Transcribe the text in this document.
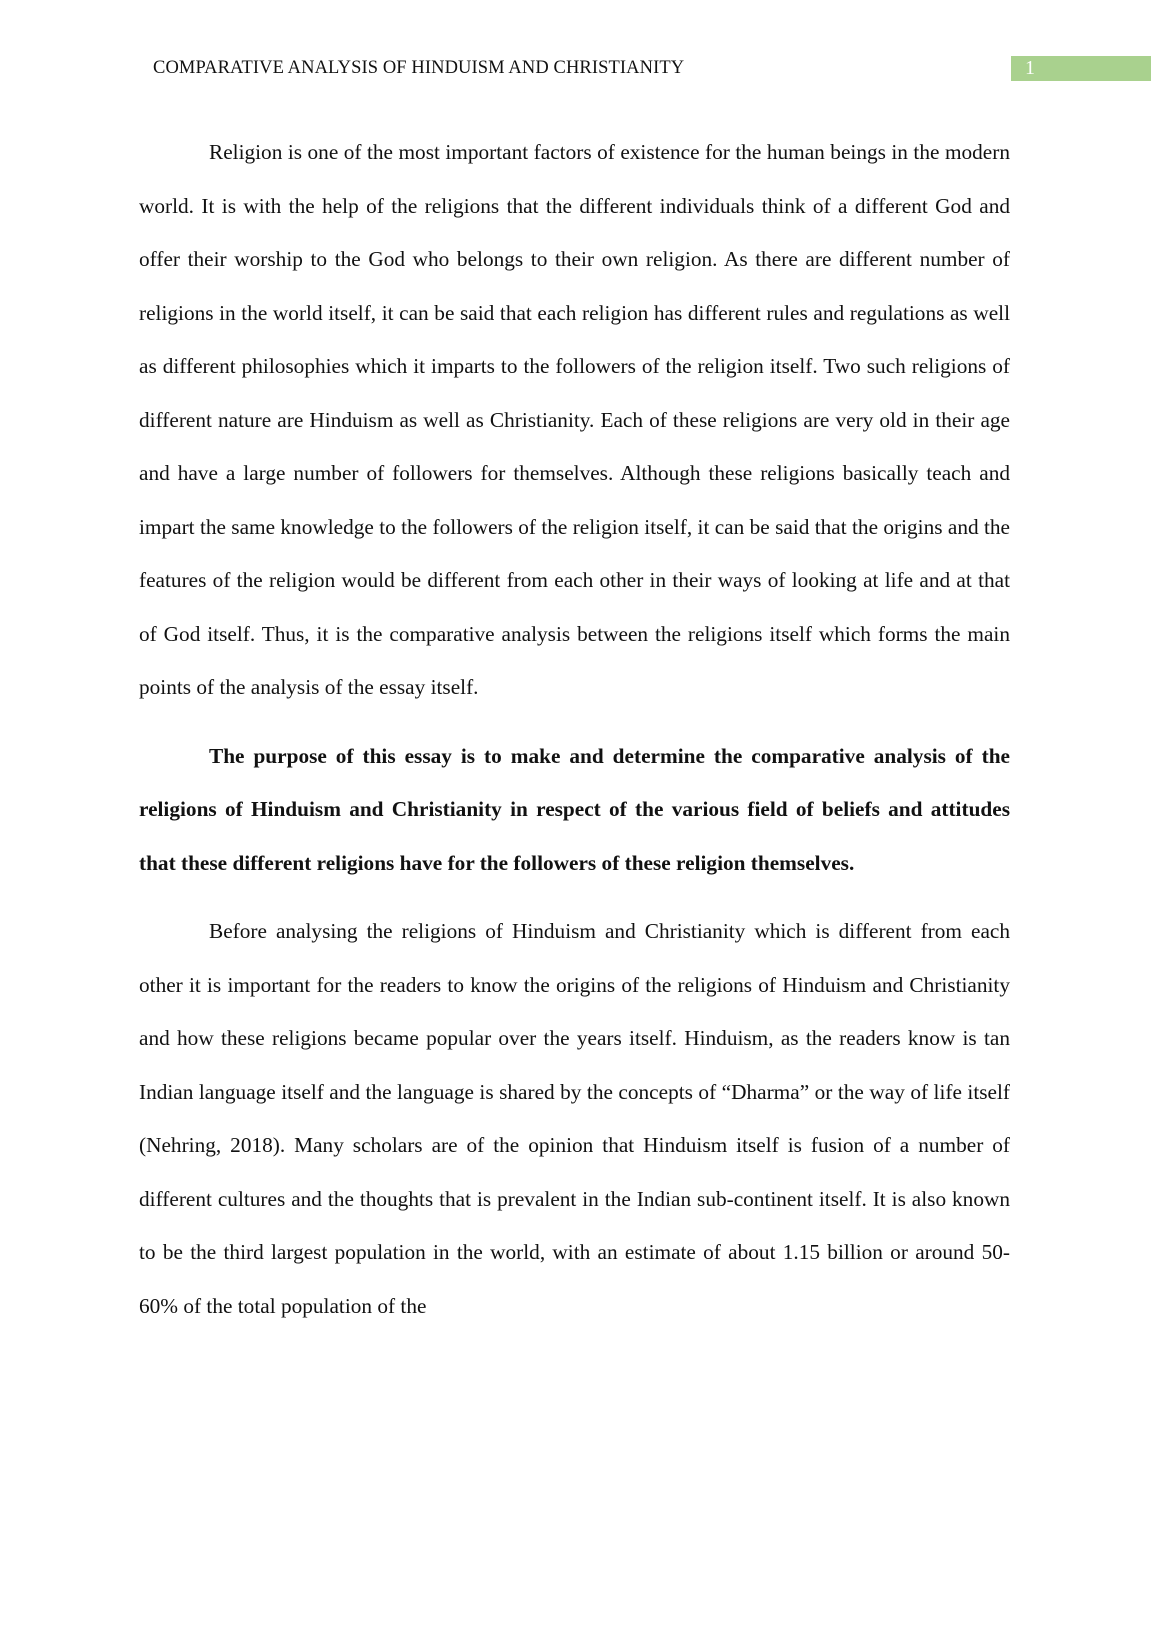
COMPARATIVE ANALYSIS OF HINDUISM AND CHRISTIANITY	1

Religion is one of the most important factors of existence for the human beings in the modern world. It is with the help of the religions that the different individuals think of a different God and offer their worship to the God who belongs to their own religion. As there are different number of religions in the world itself, it can be said that each religion has different rules and regulations as well as different philosophies which it imparts to the followers of the religion itself. Two such religions of different nature are Hinduism as well as Christianity. Each of these religions are very old in their age and have a large number of followers for themselves. Although these religions basically teach and impart the same knowledge to the followers of the religion itself, it can be said that the origins and the features of the religion would be different from each other in their ways of looking at life and at that of God itself. Thus, it is the comparative analysis between the religions itself which forms the main points of the analysis of the essay itself.

The purpose of this essay is to make and determine the comparative analysis of the religions of Hinduism and Christianity in respect of the various field of beliefs and attitudes that these different religions have for the followers of these religion themselves.

Before analysing the religions of Hinduism and Christianity which is different from each other it is important for the readers to know the origins of the religions of Hinduism and Christianity and how these religions became popular over the years itself. Hinduism, as the readers know is tan Indian language itself and the language is shared by the concepts of “Dharma” or the way of life itself (Nehring, 2018). Many scholars are of the opinion that Hinduism itself is fusion of a number of different cultures and the thoughts that is prevalent in the Indian sub-continent itself. It is also known to be the third largest population in the world, with an estimate of about 1.15 billion or around 50-60% of the total population of the
